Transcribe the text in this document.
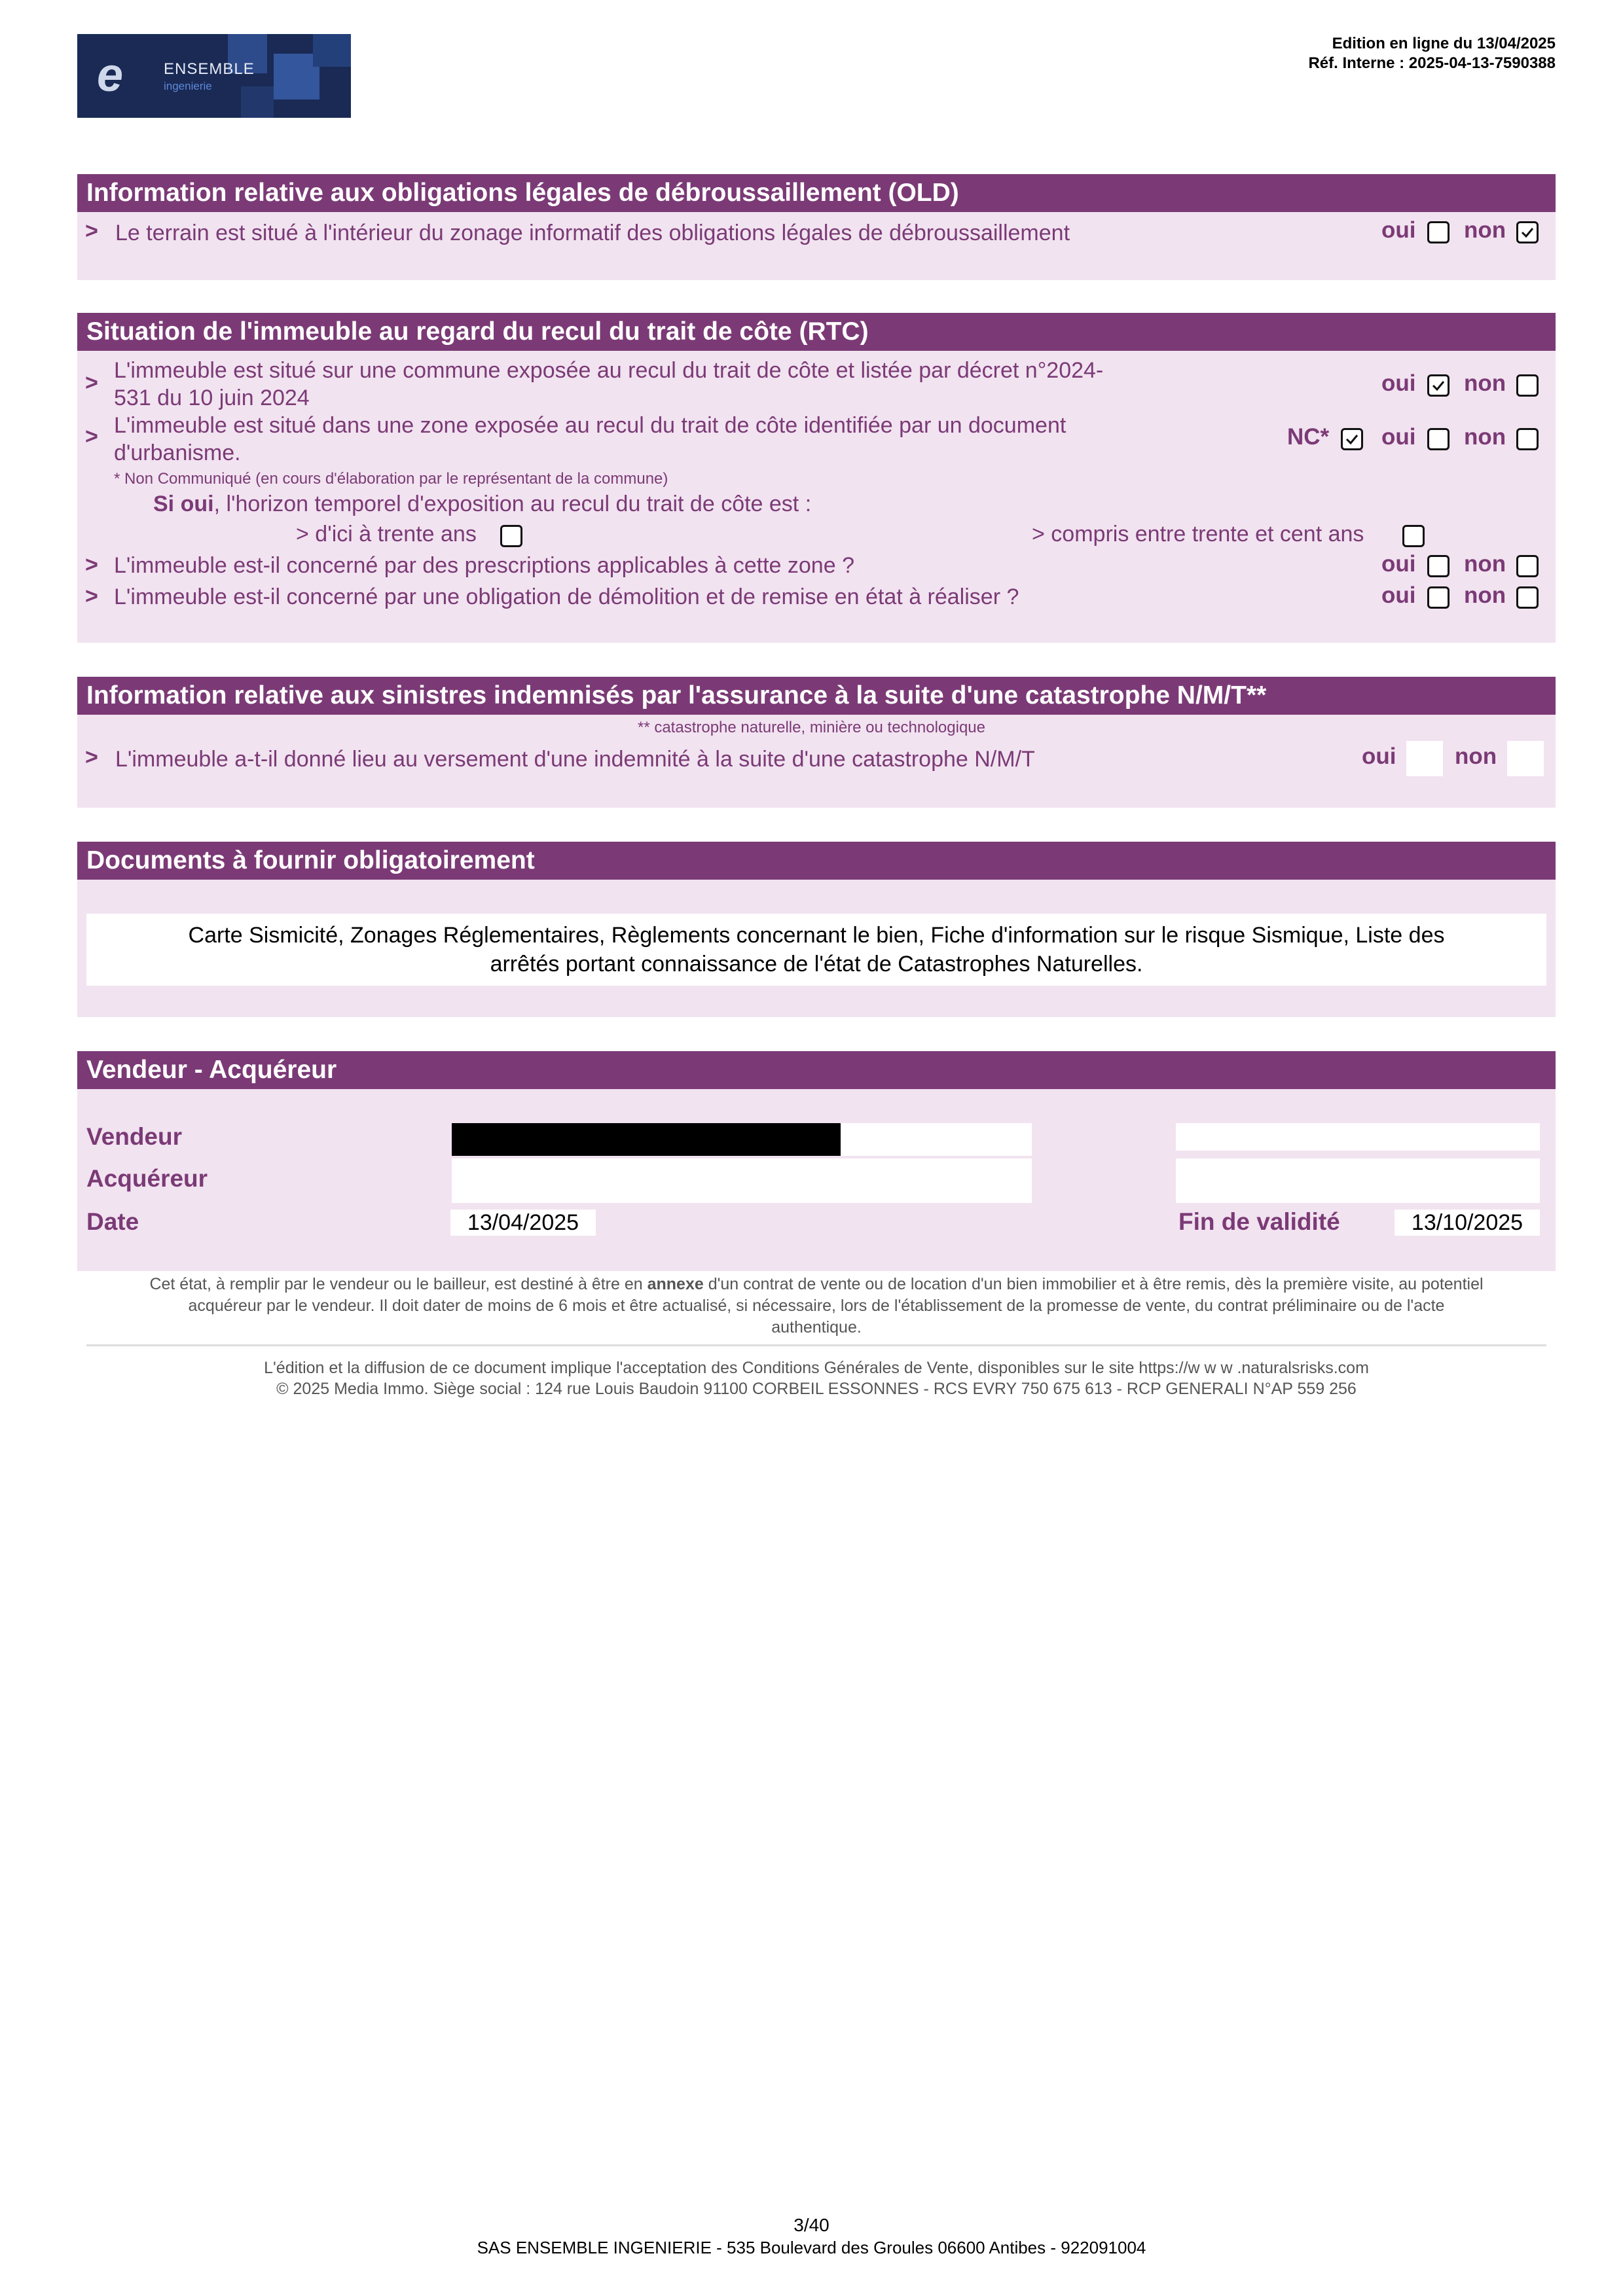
e	ENSEMBLE
ingenierie
Edition en ligne du 13/04/2025
Réf. Interne : 2025-04-13-7590388
Information relative aux obligations légales de débroussaillement (OLD)
> Le terrain est situé à l'intérieur du zonage informatif des obligations légales de débroussaillement	oui non
Situation de l'immeuble au regard du recul du trait de côte (RTC)
> L'immeuble est situé sur une commune exposée au recul du trait de côte et listée par décret n°2024-
531 du 10 juin 2024
oui non
> L'immeuble est situé dans une zone exposée au recul du trait de côte identifiée par un document
d'urbanisme.
NC* oui non
* Non Communiqué (en cours d'élaboration par le représentant de la commune)
Si oui, l'horizon temporel d'exposition au recul du trait de côte est :
> d'ici à trente ans	> compris entre trente et cent ans
> L'immeuble est-il concerné par des prescriptions applicables à cette zone ?	oui non
> L'immeuble est-il concerné par une obligation de démolition et de remise en état à réaliser ?	oui non
Information relative aux sinistres indemnisés par l'assurance à la suite d'une catastrophe N/M/T**
** catastrophe naturelle, minière ou technologique
> L'immeuble a-t-il donné lieu au versement d'une indemnité à la suite d'une catastrophe N/M/T	oui	non
Documents à fournir obligatoirement
Carte Sismicité, Zonages Réglementaires, Règlements concernant le bien, Fiche d'information sur le risque Sismique, Liste des
arrêtés portant connaissance de l'état de Catastrophes Naturelles.
Vendeur - Acquéreur
Vendeur
Acquéreur
Date	13/04/2025	Fin de validité	13/10/2025
Cet état, à remplir par le vendeur ou le bailleur, est destiné à être en annexe d'un contrat de vente ou de location d'un bien immobilier et à être remis, dès la première visite, au potentiel
acquéreur par le vendeur. Il doit dater de moins de 6 mois et être actualisé, si nécessaire, lors de l'établissement de la promesse de vente, du contrat préliminaire ou de l'acte
authentique.
L'édition et la diffusion de ce document implique l'acceptation des Conditions Générales de Vente, disponibles sur le site https://w w w .naturalsrisks.com
© 2025 Media Immo. Siège social : 124 rue Louis Baudoin 91100 CORBEIL ESSONNES - RCS EVRY 750 675 613 - RCP GENERALI N°AP 559 256
3/40
SAS ENSEMBLE INGENIERIE - 535 Boulevard des Groules 06600 Antibes - 922091004
